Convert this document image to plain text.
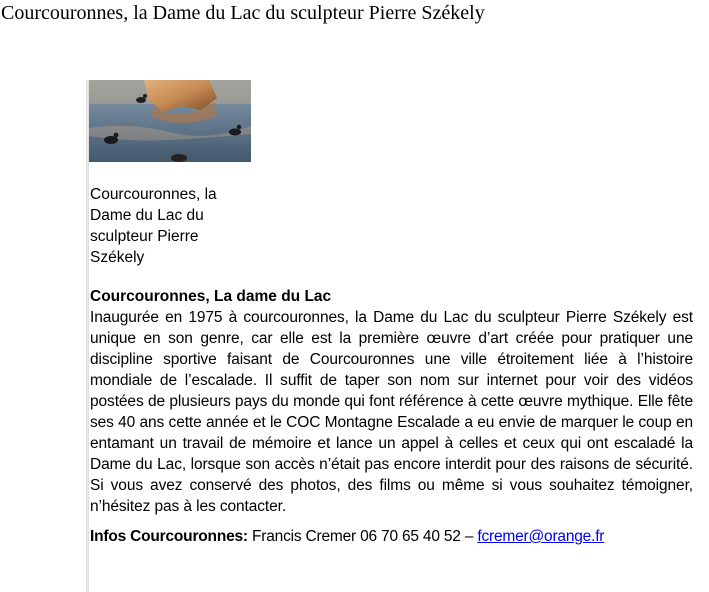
Courcouronnes, la Dame du Lac du sculpteur Pierre Székely
Courcouronnes, la Dame du Lac du sculpteur Pierre Székely
Courcouronnes, La dame du Lac
Inaugurée en 1975 à courcouronnes, la Dame du Lac du sculpteur Pierre Székely est unique en son genre, car elle est la première œuvre d’art créée pour pratiquer une discipline sportive faisant de Courcouronnes une ville étroitement liée à l’histoire mondiale de l’escalade. Il suffit de taper son nom sur internet pour voir des vidéos postées de plusieurs pays du monde qui font référence à cette œuvre mythique. Elle fête ses 40 ans cette année et le COC Montagne Escalade a eu envie de marquer le coup en entamant un travail de mémoire et lance un appel à celles et ceux qui ont escaladé la Dame du Lac, lorsque son accès n’était pas encore interdit pour des raisons de sécurité. Si vous avez conservé des photos, des films ou même si vous souhaitez témoigner, n’hésitez pas à les contacter.
Infos Courcouronnes: Francis Cremer 06 70 65 40 52 – fcremer@orange.fr
